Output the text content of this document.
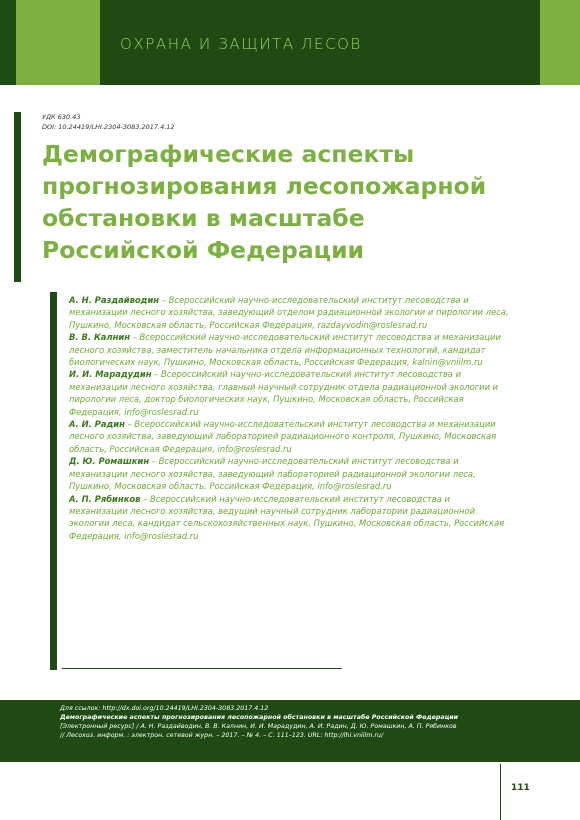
ОХРАНА И ЗАЩИТА ЛЕСОВ
УДК 630.43
DOI: 10.24419/LHI.2304-3083.2017.4.12
Демографические аспекты
прогнозирования лесопожарной
обстановки в масштабе
Российской Федерации

А. Н. Раздайводин – Всероссийский научно-исследовательский институт лесоводства и механизации лесного хозяйства, заведующий отделом радиационной экологии и пирологии леса, Пушкино, Московская область, Российская Федерация, razdayvodin@roslesrad.ru

В. В. Калнин – Всероссийский научно-исследовательский институт лесоводства и механизации лесного хозяйства, заместитель начальника отдела информационных технологий, кандидат биологических наук, Пушкино, Московская область, Российская Федерация, kalnin@vniilm.ru

И. И. Марадудин – Всероссийский научно-исследовательский институт лесоводства и механизации лесного хозяйства, главный научный сотрудник отдела радиационной экологии и пирологии леса, доктор биологических наук, Пушкино, Московская область, Российская Федерация, info@roslesrad.ru

А. И. Радин – Всероссийский научно-исследовательский институт лесоводства и механизации лесного хозяйства, заведующий лабораторией радиационного контроля, Пушкино, Московская область, Российская Федерация, info@roslesrad.ru

Д. Ю. Ромашкин – Всероссийский научно-исследовательский институт лесоводства и механизации лесного хозяйства, заведующий лабораторией радиационной экологии леса, Пушкино, Московская область, Российская Федерация, info@roslesrad.ru

А. П. Рябинков – Всероссийский научно-исследовательский институт лесоводства и механизации лесного хозяйства, ведущий научный сотрудник лаборатории радиационной экологии леса, кандидат сельскохозяйственных наук, Пушкино, Московская область, Российская Федерация, info@roslesrad.ru

Для ссылок: http://dx.doi.org/10.24419/LHI.2304-3083.2017.4.12
Демографические аспекты прогнозирования лесопожарной обстановки в масштабе Российской Федерации [Электронный ресурс] / А. Н. Раздайводин, В. В. Калнин, И. И. Марадудин, А. И. Радин, Д. Ю. Ромашкин, А. П. Рябинков // Лесохоз. информ. : электрон. сетевой журн. – 2017. – № 4. – С. 111–123. URL: http://lhi.vniilm.ru/
111
